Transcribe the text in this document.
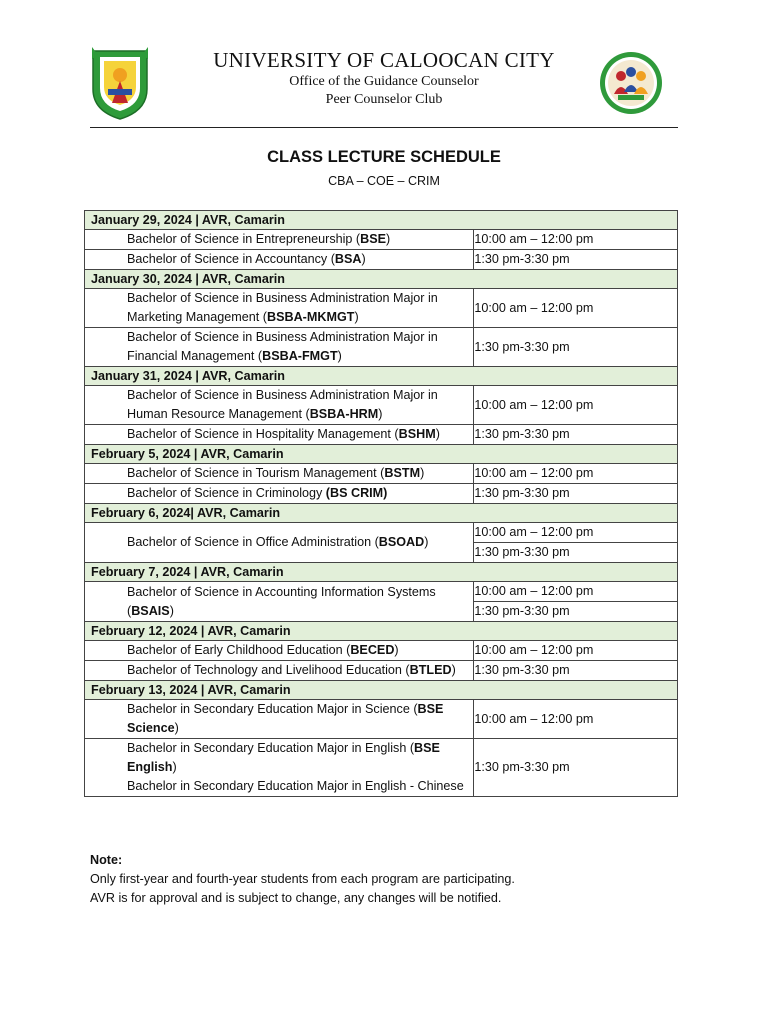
UNIVERSITY OF CALOOCAN CITY
Office of the Guidance Counselor
Peer Counselor Club
CLASS LECTURE SCHEDULE
CBA – COE – CRIM
January 29, 2024 | AVR, Camarin	

Bachelor of Science in Entrepreneurship (BSE)	10:00 am – 12:00 pm

Bachelor of Science in Accountancy (BSA)	1:30 pm-3:30 pm
January 30, 2024 | AVR, Camarin	

Bachelor of Science in Business Administration Major in Marketing Management (BSBA-MKMGT)	10:00 am – 12:00 pm

Bachelor of Science in Business Administration Major in Financial Management (BSBA-FMGT)	1:30 pm-3:30 pm
January 31, 2024 | AVR, Camarin	

Bachelor of Science in Business Administration Major in Human Resource Management (BSBA-HRM)	10:00 am – 12:00 pm

Bachelor of Science in Hospitality Management (BSHM)	1:30 pm-3:30 pm
February 5, 2024 | AVR, Camarin	

Bachelor of Science in Tourism Management (BSTM)	10:00 am – 12:00 pm

Bachelor of Science in Criminology (BS CRIM)	1:30 pm-3:30 pm
February 6, 2024| AVR, Camarin	

Bachelor of Science in Office Administration (BSOAD)	10:00 am – 12:00 pm
	1:30 pm-3:30 pm
February 7, 2024 | AVR, Camarin	

Bachelor of Science in Accounting Information Systems (BSAIS)	10:00 am – 12:00 pm
	1:30 pm-3:30 pm
February 12, 2024 | AVR, Camarin	

Bachelor of Early Childhood Education (BECED)	10:00 am – 12:00 pm

Bachelor of Technology and Livelihood Education (BTLED)	1:30 pm-3:30 pm
February 13, 2024 | AVR, Camarin	

Bachelor in Secondary Education Major in Science (BSE Science)	10:00 am – 12:00 pm

Bachelor in Secondary Education Major in English (BSE English)
Bachelor in Secondary Education Major in English - Chinese	1:30 pm-3:30 pm
Note:
Only first-year and fourth-year students from each program are participating.
AVR is for approval and is subject to change, any changes will be notified.
